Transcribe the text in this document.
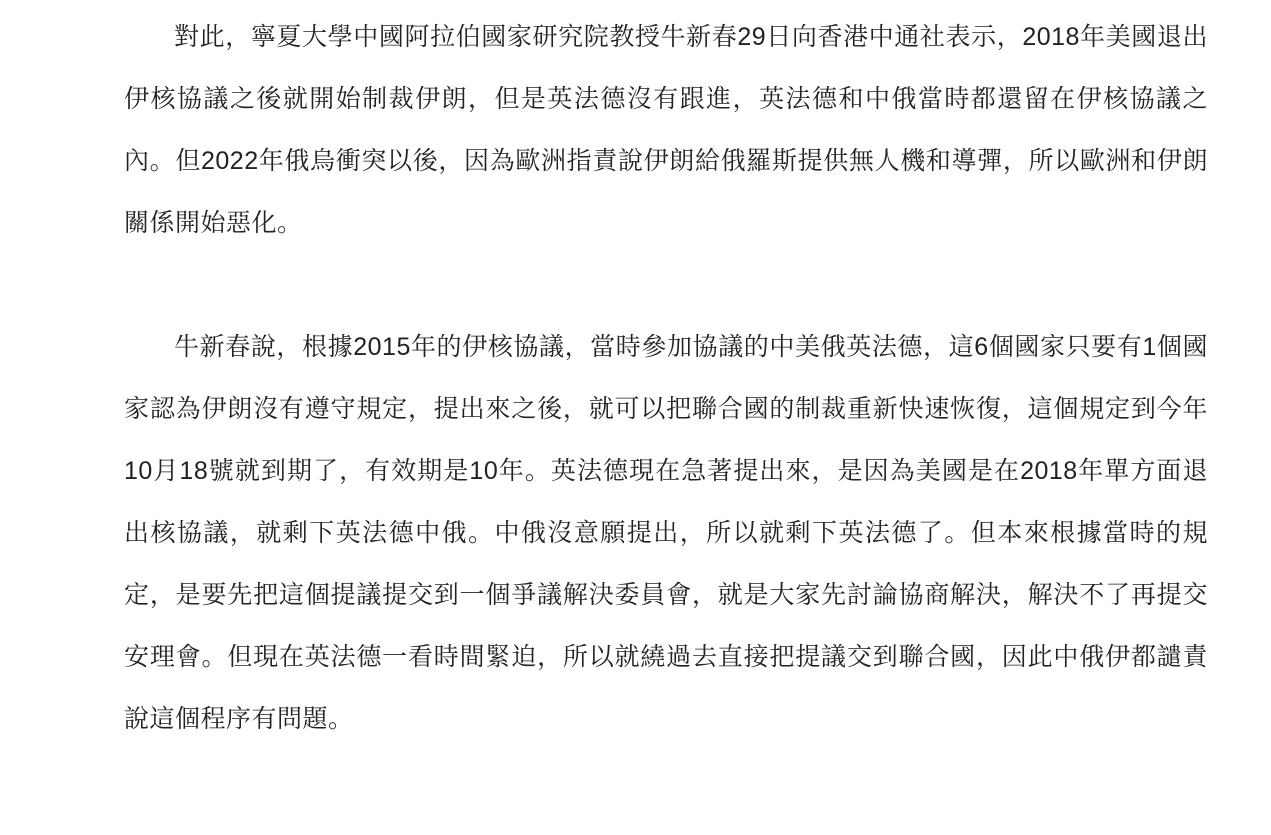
對此，寧夏大學中國阿拉伯國家研究院教授牛新春29日向香港中通社表示，2018年美國退出伊核協議之後就開始制裁伊朗，但是英法德沒有跟進，英法德和中俄當時都還留在伊核協議之內。但2022年俄烏衝突以後，因為歐洲指責說伊朗給俄羅斯提供無人機和導彈，所以歐洲和伊朗關係開始惡化。

牛新春說，根據2015年的伊核協議，當時參加協議的中美俄英法德，這6個國家只要有1個國家認為伊朗沒有遵守規定，提出來之後，就可以把聯合國的制裁重新快速恢復，這個規定到今年10月18號就到期了，有效期是10年。英法德現在急著提出來，是因為美國是在2018年單方面退出核協議，就剩下英法德中俄。中俄沒意願提出，所以就剩下英法德了。但本來根據當時的規定，是要先把這個提議提交到一個爭議解決委員會，就是大家先討論協商解決，解決不了再提交安理會。但現在英法德一看時間緊迫，所以就繞過去直接把提議交到聯合國，因此中俄伊都譴責說這個程序有問題。
